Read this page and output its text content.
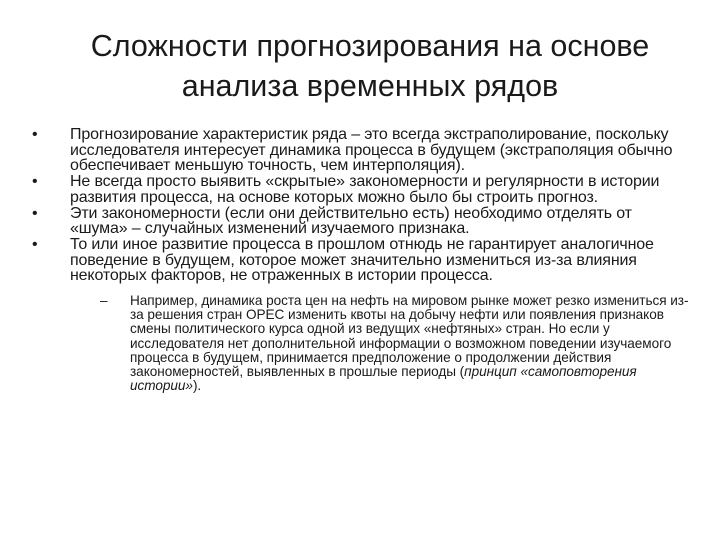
Сложности прогнозирования на основе
анализа временных рядов
• Прогнозирование характеристик ряда – это всегда экстраполирование, поскольку исследователя интересует динамика процесса в будущем (экстраполяция обычно обеспечивает меньшую точность, чем интерполяция).
• Не всегда просто выявить «скрытые» закономерности и регулярности в истории развития процесса, на основе которых можно было бы строить прогноз.
• Эти закономерности (если они действительно есть) необходимо отделять от «шума» – случайных изменений изучаемого признака.
• То или иное развитие процесса в прошлом отнюдь не гарантирует аналогичное поведение в будущем, которое может значительно измениться из-за влияния некоторых факторов, не отраженных в истории процесса.
– Например, динамика роста цен на нефть на мировом рынке может резко измениться из-за решения стран ОРЕС изменить квоты на добычу нефти или появления признаков смены политического курса одной из ведущих «нефтяных» стран. Но если у исследователя нет дополнительной информации о возможном поведении изучаемого процесса в будущем, принимается предположение о продолжении действия закономерностей, выявленных в прошлые периоды (принцип «самоповторения истории»).
